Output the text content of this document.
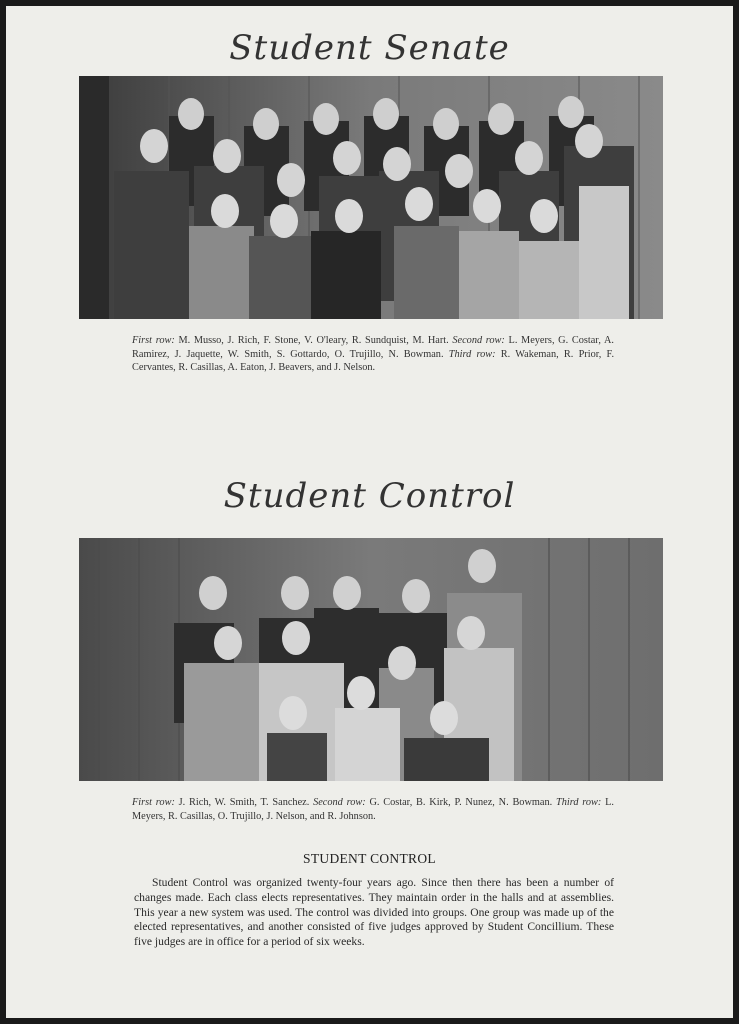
Student Senate
First row: M. Musso, J. Rich, F. Stone, V. O'leary, R. Sundquist, M. Hart. Second row: L. Meyers, G. Costar, A. Ramirez, J. Jaquette, W. Smith, S. Gottardo, O. Trujillo, N. Bowman. Third row: R. Wakeman, R. Prior, F. Cervantes, R. Casillas, A. Eaton, J. Beavers, and J. Nelson.
Student Control
First row: J. Rich, W. Smith, T. Sanchez. Second row: G. Costar, B. Kirk, P. Nunez, N. Bowman. Third row: L. Meyers, R. Casillas, O. Trujillo, J. Nelson, and R. Johnson.
STUDENT CONTROL
Student Control was organized twenty-four years ago. Since then there has been a number of changes made. Each class elects representatives. They maintain order in the halls and at assemblies. This year a new system was used. The control was divided into groups. One group was made up of the elected representatives, and another consisted of five judges approved by Student Concillium. These five judges are in office for a period of six weeks.
